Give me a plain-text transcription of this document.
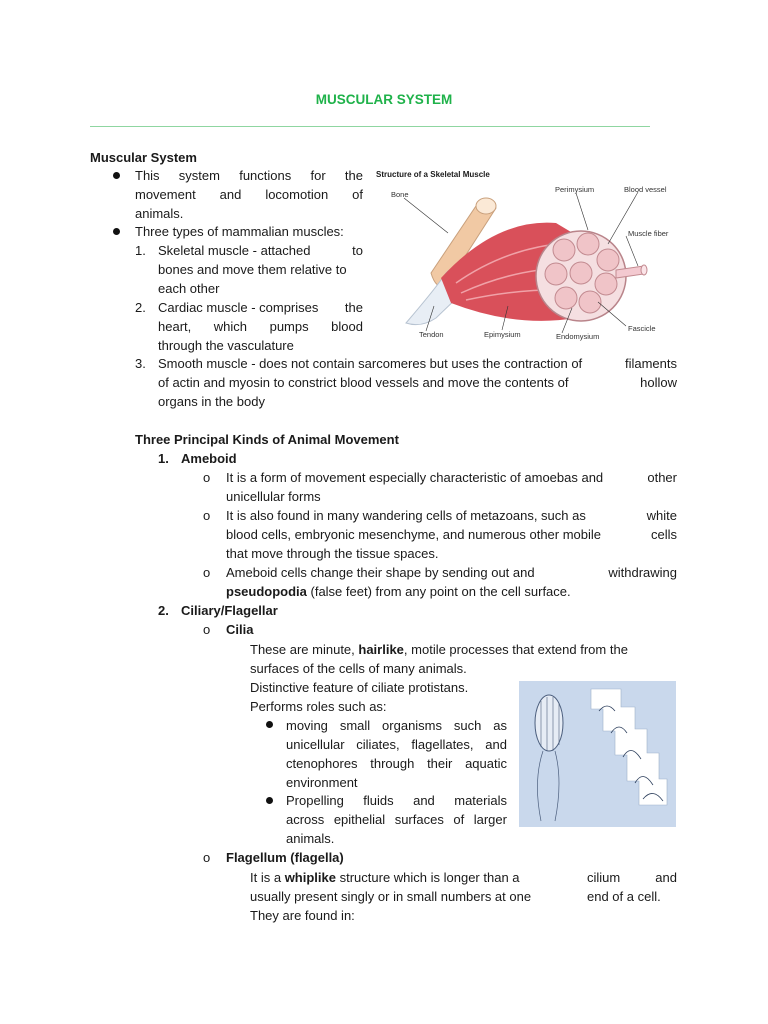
MUSCULAR SYSTEM
Muscular System
This system functions for the
movement and locomotion of
animals.
Three types of mammalian muscles:
1. Skeletal muscle - attached	to
bones and move them relative to
each other
2. Cardiac muscle - comprises the
heart, which pumps blood
through the vasculature
3. Smooth muscle - does not contain sarcomeres but uses the contraction of	filaments
of actin and myosin to constrict blood vessels and move the contents of	hollow
organs in the body
Structure of a Skeletal Muscle
Bone
Perimysium	Blood vessel
Muscle fiber
Fascicle
Tendon	Epimysium	Endomysium
Three Principal Kinds of Animal Movement
1. Ameboid
o It is a form of movement especially characteristic of amoebas and	other
unicellular forms
o It is also found in many wandering cells of metazoans, such as	white
blood cells, embryonic mesenchyme, and numerous other mobile	cells
that move through the tissue spaces.
o Ameboid cells change their shape by sending out and	withdrawing
pseudopodia (false feet) from any point on the cell surface.
2. Ciliary/Flagellar
o Cilia
These are minute, hairlike, motile processes that extend from the
surfaces of the cells of many animals.
Distinctive feature of ciliate protistans.
Performs roles such as:
moving small organisms such as
unicellular ciliates, flagellates, and
ctenophores through their aquatic
environment
Propelling fluids and materials
across epithelial surfaces of larger
animals.
o Flagellum (flagella)
It is a whiplike structure which is longer than a	cilium	and
usually present singly or in small numbers at one	end of a cell.
They are found in:
